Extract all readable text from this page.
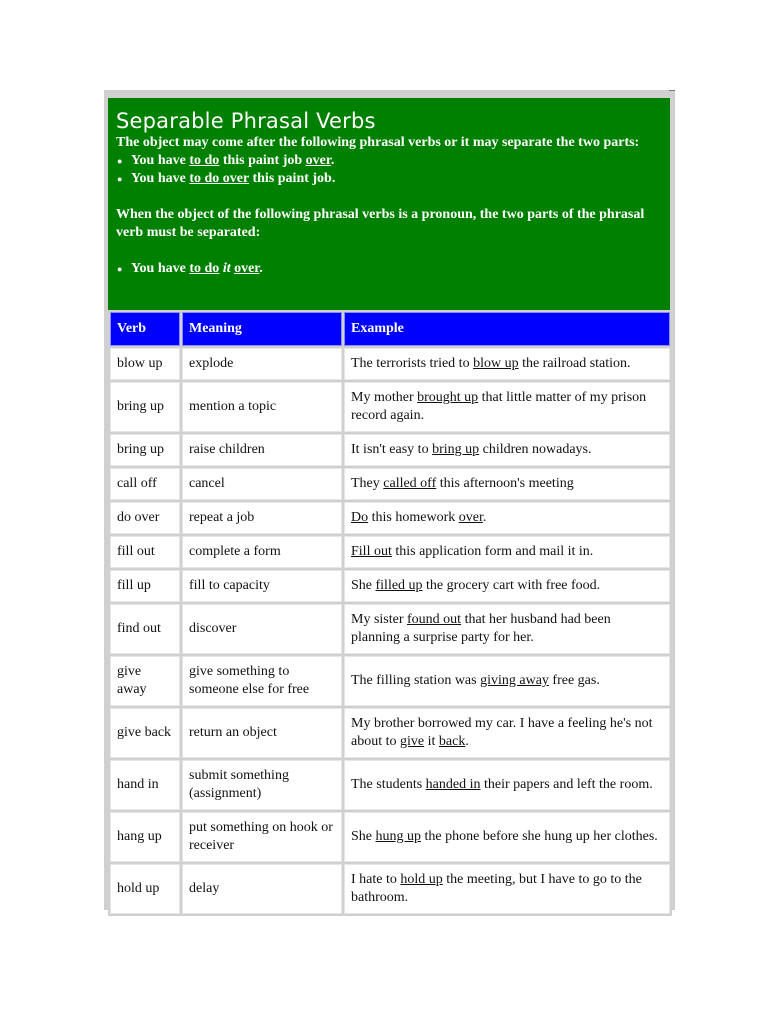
Separable Phrasal Verbs
The object may come after the following phrasal verbs or it may separate the two parts:
● You have to do this paint job over.
● You have to do over this paint job.
When the object of the following phrasal verbs is a pronoun, the two parts of the phrasal verb must be separated:
● You have to do it over.
Verb	Meaning	Example
blow up	explode	The terrorists tried to blow up the railroad station.
bring up	mention a topic	My mother brought up that little matter of my prison record again.
bring up	raise children	It isn't easy to bring up children nowadays.
call off	cancel	They called off this afternoon's meeting
do over	repeat a job	Do this homework over.
fill out	complete a form	Fill out this application form and mail it in.
fill up	fill to capacity	She filled up the grocery cart with free food.
find out	discover	My sister found out that her husband had been planning a surprise party for her.
give away	give something to someone else for free	The filling station was giving away free gas.
give back	return an object	My brother borrowed my car. I have a feeling he's not about to give it back.
hand in	submit something (assignment)	The students handed in their papers and left the room.
hang up	put something on hook or receiver	She hung up the phone before she hung up her clothes.
hold up	delay	I hate to hold up the meeting, but I have to go to the bathroom.
